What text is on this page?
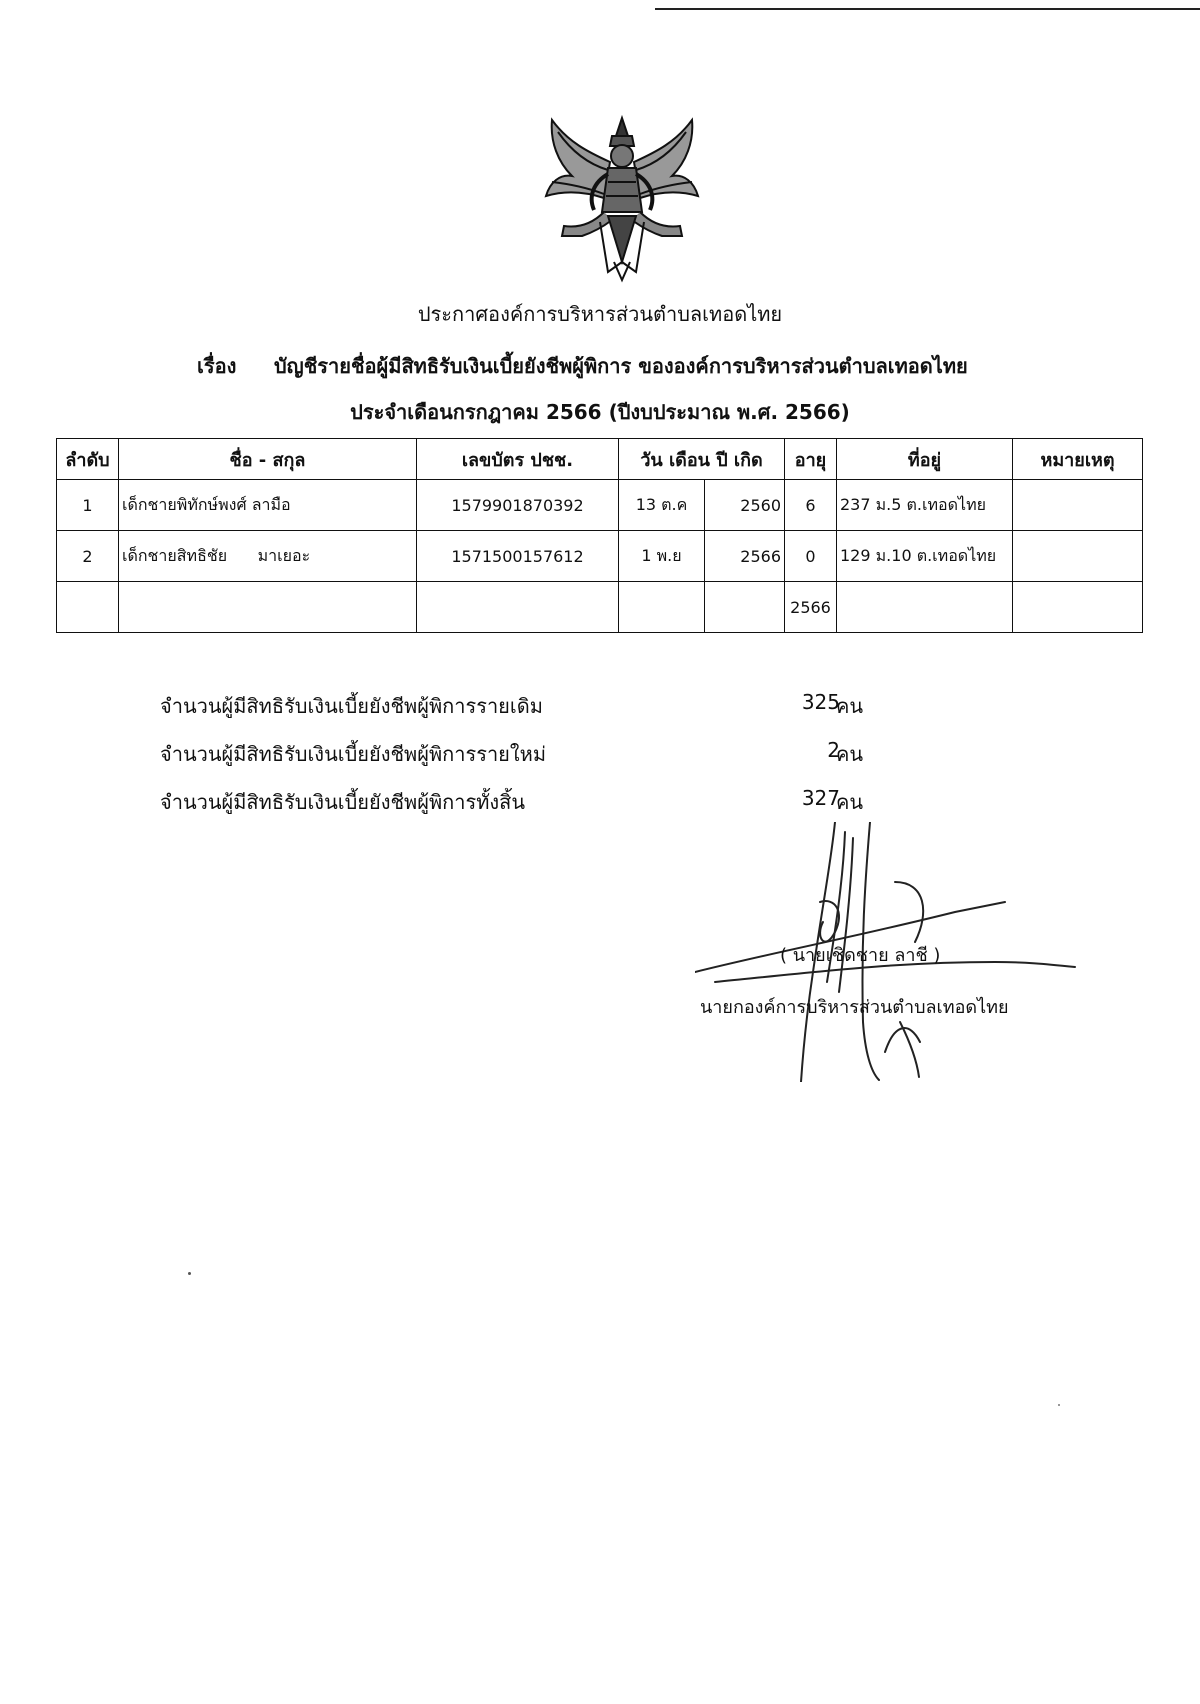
ประกาศองค์การบริหารส่วนตำบลเทอดไทย
เรื่อง บัญชีรายชื่อผู้มีสิทธิรับเงินเบี้ยยังชีพผู้พิการ ขององค์การบริหารส่วนตำบลเทอดไทย
ประจำเดือนกรกฎาคม 2566 (ปีงบประมาณ พ.ศ. 2566)
ลำดับ	ชื่อ - สกุล	เลขบัตร ปชช.	วัน เดือน ปี เกิด		อายุ	ที่อยู่	หมายเหตุ
1	เด็กชายพิทักษ์พงศ์ ลามือ	1579901870392	13 ต.ค	2560	6	237 ม.5 ต.เทอดไทย	
2	เด็กชายสิทธิชัย      มาเยอะ	1571500157612	1 พ.ย	2566	0	129 ม.10 ต.เทอดไทย	
					2566		
จำนวนผู้มีสิทธิรับเงินเบี้ยยังชีพผู้พิการรายเดิม	325
คน
จำนวนผู้มีสิทธิรับเงินเบี้ยยังชีพผู้พิการรายใหม่	2
คน
จำนวนผู้มีสิทธิรับเงินเบี้ยยังชีพผู้พิการทั้งสิ้น	327
คน
( นายเชิดชาย ลาชี )
นายกองค์การบริหารส่วนตำบลเทอดไทย
